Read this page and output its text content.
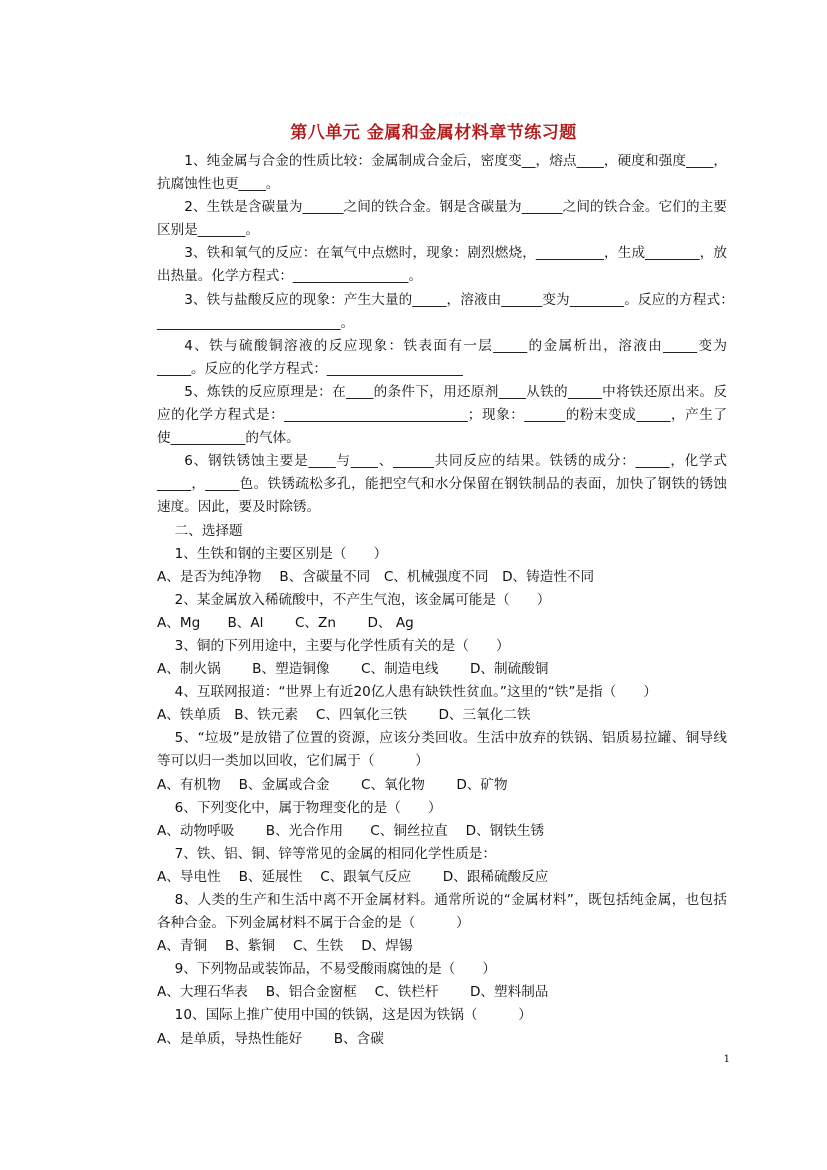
第八单元 金属和金属材料章节练习题

1、纯金属与合金的性质比较：金属制成合金后，密度变__，熔点____，硬度和强度____，抗腐蚀性也更____。

2、生铁是含碳量为______之间的铁合金。钢是含碳量为______之间的铁合金。它们的主要区别是_______。

3、铁和氧气的反应：在氧气中点燃时，现象：剧烈燃烧，__________，生成________，放出热量。化学方程式：_________________。

3、铁与盐酸反应的现象：产生大量的_____，溶液由______变为________。反应的方程式：　___________________________。

4、铁与硫酸铜溶液的反应现象：铁表面有一层_____的金属析出，溶液由_____变为_____。反应的化学方程式：____________________

5、炼铁的反应原理是：在____的条件下，用还原剂____从铁的_____中将铁还原出来。反应的化学方程式是：___________________________；现象：______的粉末变成_____，产生了使___________的气体。

6、钢铁锈蚀主要是____与____、______共同反应的结果。铁锈的成分：_____，化学式_____，_____色。铁锈疏松多孔，能把空气和水分保留在钢铁制品的表面，加快了钢铁的锈蚀速度。因此，要及时除锈。

二、选择题

1、生铁和钢的主要区别是（　　）

A、是否为纯净物　 B、含碳量不同　C、机械强度不同　D、铸造性不同

2、某金属放入稀硫酸中，不产生气泡，该金属可能是（　　）

A、Mg　　B、Al　　 C、Zn　　 D、 Ag

3、铜的下列用途中，主要与化学性质有关的是（　　）

A、制火锅　　 B、塑造铜像　　 C、制造电线　　 D、制硫酸铜

4、互联网报道：“世界上有近20亿人患有缺铁性贫血。”这里的“铁”是指（　　）

A、铁单质　B、铁元素　 C、四氧化三铁　　 D、三氧化二铁

5、“垃圾”是放错了位置的资源，应该分类回收。生活中放弃的铁锅、铝质易拉罐、铜导线等可以归一类加以回收，它们属于（　　　）

A、有机物　 B、金属或合金　　 C、氧化物　　 D、矿物

6、下列变化中，属于物理变化的是（　　）

A、动物呼吸　　 B、光合作用　　C、铜丝拉直　 D、钢铁生锈

7、铁、铝、铜、锌等常见的金属的相同化学性质是：

A、导电性　 B、延展性　 C、跟氧气反应　　 D、跟稀硫酸反应

8、人类的生产和生活中离不开金属材料。通常所说的“金属材料”，既包括纯金属，也包括各种合金。下列金属材料不属于合金的是（　　　）

A、青铜　 B、紫铜　 C、生铁　 D、焊锡

9、下列物品或装饰品，不易受酸雨腐蚀的是（　　）

A、大理石华表　 B、铝合金窗框　 C、铁栏杆　　 D、塑料制品

10、国际上推广使用中国的铁锅，这是因为铁锅（　　　）

A、是单质，导热性能好　　 B、含碳

1
